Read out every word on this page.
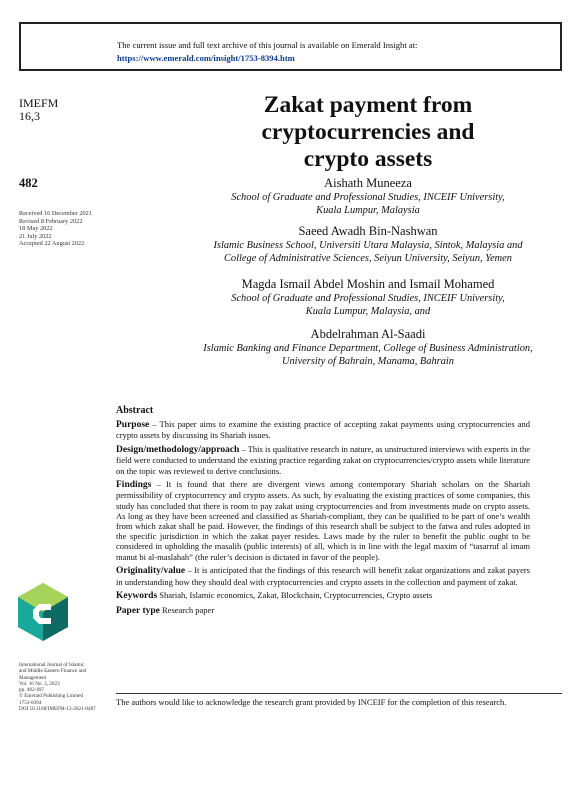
The current issue and full text archive of this journal is available on Emerald Insight at:
https://www.emerald.com/insight/1753-8394.htm
IMEFM
16,3
482
Received 16 December 2021
Revised 8 February 2022
18 May 2022
21 July 2022
Accepted 22 August 2022
Zakat payment from
cryptocurrencies and
crypto assets
Aishath Muneeza
School of Graduate and Professional Studies, INCEIF University,
Kuala Lumpur, Malaysia
Saeed Awadh Bin-Nashwan
Islamic Business School, Universiti Utara Malaysia, Sintok, Malaysia and
College of Administrative Sciences, Seiyun University, Seiyun, Yemen
Magda Ismail Abdel Moshin and Ismail Mohamed
School of Graduate and Professional Studies, INCEIF University,
Kuala Lumpur, Malaysia, and
Abdelrahman Al-Saadi
Islamic Banking and Finance Department, College of Business Administration,
University of Bahrain, Manama, Bahrain
Abstract

Purpose – This paper aims to examine the existing practice of accepting zakat payments using cryptocurrencies and crypto assets by discussing its Shariah issues.

Design/methodology/approach – This is qualitative research in nature, as unstructured interviews with experts in the field were conducted to understand the existing practice regarding zakat on cryptocurrencies/crypto assets while literature on the topic was reviewed to derive conclusions.

Findings – It is found that there are divergent views among contemporary Shariah scholars on the Shariah permissibility of cryptocurrency and crypto assets. As such, by evaluating the existing practices of some companies, this study has concluded that there is room to pay zakat using cryptocurrencies and from investments made on crypto assets. As long as they have been screened and classified as Shariah-compliant, they can be qualified to be part of one’s wealth from which zakat shall be paid. However, the findings of this research shall be subject to the fatwa and rules adopted in the specific jurisdiction in which the zakat payer resides. Laws made by the ruler to benefit the public ought to be considered in upholding the masalih (public interests) of all, which is in line with the legal maxim of “tasarruf al imam manut bi al-maslahah” (the ruler’s decision is dictated in favor of the people).

Originality/value – It is anticipated that the findings of this research will benefit zakat organizations and zakat payers in understanding how they should deal with cryptocurrencies and crypto assets in the collection and payment of zakat.

Keywords Shariah, Islamic economics, Zakat, Blockchain, Cryptocurrencies, Crypto assets

Paper type Research paper

International Journal of Islamic
and Middle Eastern Finance and
Management
Vol. 16 No. 3, 2023
pp. 482-497
© Emerald Publishing Limited
1753-8394
DOI 10.1108/IMEFM-12-2021-0487
The authors would like to acknowledge the research grant provided by INCEIF for the completion of this research.
